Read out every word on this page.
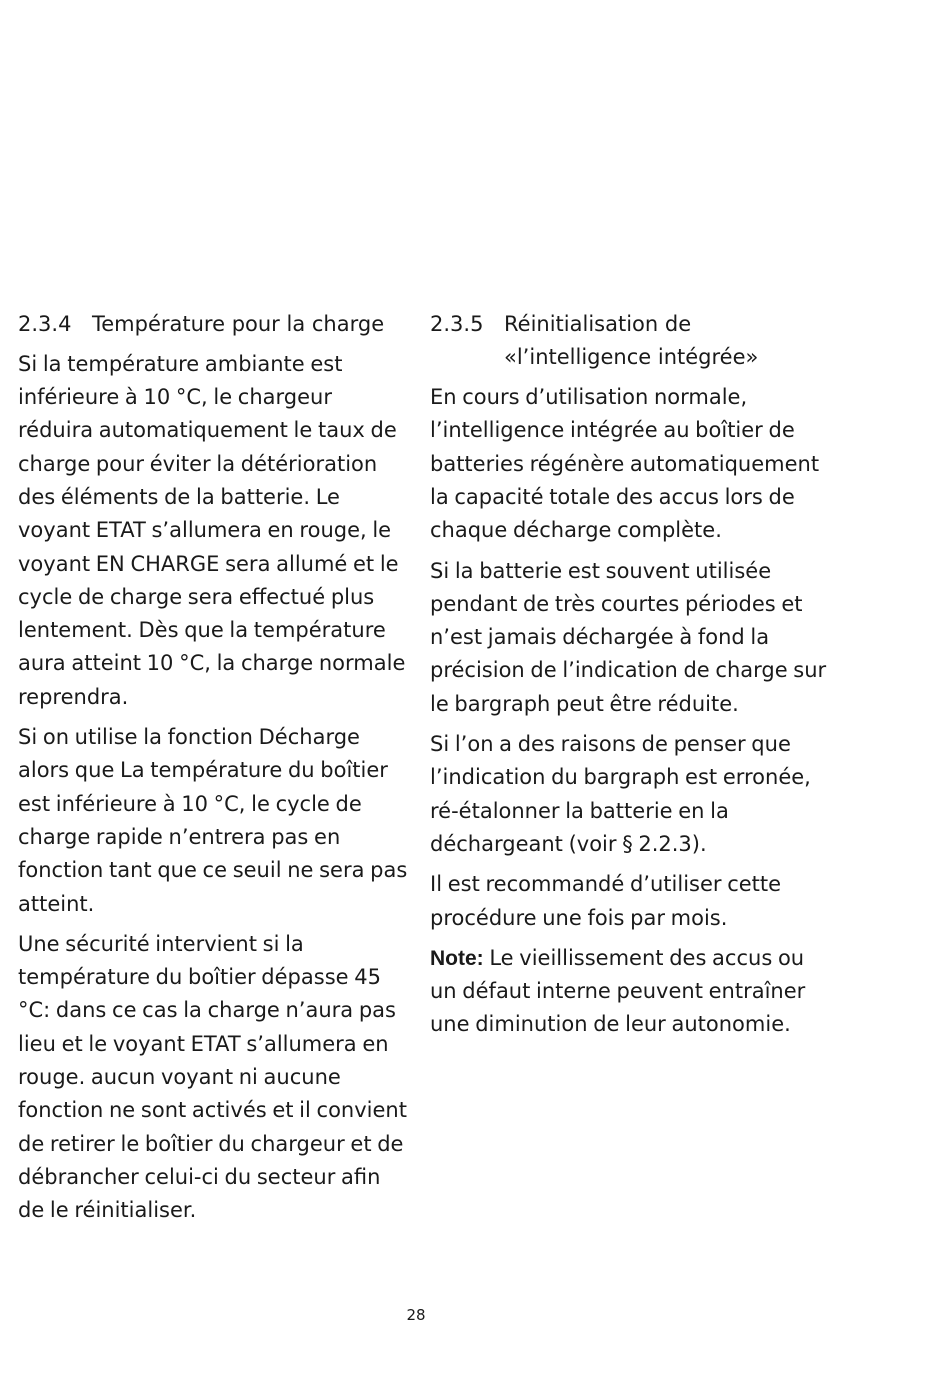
2.3.4 Température pour la charge

Si la température ambiante est inférieure à 10 °C, le chargeur réduira automatiquement le taux de charge pour éviter la détérioration des éléments de la batterie. Le voyant ETAT s’allumera en rouge, le voyant EN CHARGE sera allumé et le cycle de charge sera effectué plus lentement. Dès que la température aura atteint 10 °C, la charge normale reprendra.

Si on utilise la fonction Décharge alors que La température du boîtier est inférieure à 10 °C, le cycle de charge rapide n’entrera pas en fonction tant que ce seuil ne sera pas atteint.

Une sécurité intervient si la température du boîtier dépasse 45 °C: dans ce cas la charge n’aura pas lieu et le voyant ETAT s’allumera en rouge. aucun voyant ni aucune fonction ne sont activés et il convient de retirer le boîtier du chargeur et de débrancher celui-ci du secteur afin de le réinitialiser.

2.3.5 Réinitialisation de «l’intelligence intégrée»

En cours d’utilisation normale, l’intelligence intégrée au boîtier de batteries régénère automatiquement la capacité totale des accus lors de chaque décharge complète.

Si la batterie est souvent utilisée pendant de très courtes périodes et n’est jamais déchargée à fond la précision de l’indication de charge sur le bargraph peut être réduite.

Si l’on a des raisons de penser que l’indication du bargraph est erronée, ré-étalonner la batterie en la déchargeant (voir § 2.2.3).

Il est recommandé d’utiliser cette procédure une fois par mois.

Note: Le vieillissement des accus ou un défaut interne peuvent entraîner une diminution de leur autonomie.

28
